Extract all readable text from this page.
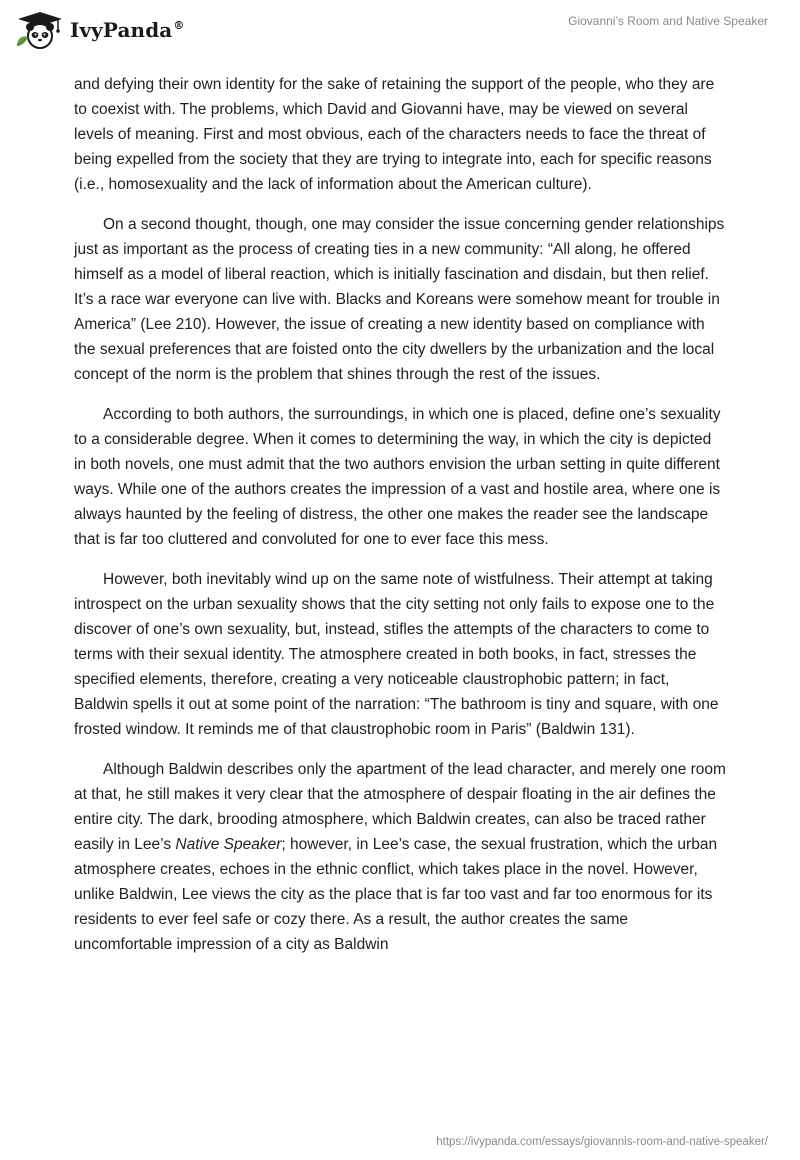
IvyPanda®	Giovanni’s Room and Native Speaker

and defying their own identity for the sake of retaining the support of the people, who they are to coexist with. The problems, which David and Giovanni have, may be viewed on several levels of meaning. First and most obvious, each of the characters needs to face the threat of being expelled from the society that they are trying to integrate into, each for specific reasons (i.e., homosexuality and the lack of information about the American culture).

On a second thought, though, one may consider the issue concerning gender relationships just as important as the process of creating ties in a new community: “All along, he offered himself as a model of liberal reaction, which is initially fascination and disdain, but then relief. It’s a race war everyone can live with. Blacks and Koreans were somehow meant for trouble in America” (Lee 210). However, the issue of creating a new identity based on compliance with the sexual preferences that are foisted onto the city dwellers by the urbanization and the local concept of the norm is the problem that shines through the rest of the issues.

According to both authors, the surroundings, in which one is placed, define one’s sexuality to a considerable degree. When it comes to determining the way, in which the city is depicted in both novels, one must admit that the two authors envision the urban setting in quite different ways. While one of the authors creates the impression of a vast and hostile area, where one is always haunted by the feeling of distress, the other one makes the reader see the landscape that is far too cluttered and convoluted for one to ever face this mess.

However, both inevitably wind up on the same note of wistfulness. Their attempt at taking introspect on the urban sexuality shows that the city setting not only fails to expose one to the discover of one’s own sexuality, but, instead, stifles the attempts of the characters to come to terms with their sexual identity. The atmosphere created in both books, in fact, stresses the specified elements, therefore, creating a very noticeable claustrophobic pattern; in fact, Baldwin spells it out at some point of the narration: “The bathroom is tiny and square, with one frosted window. It reminds me of that claustrophobic room in Paris” (Baldwin 131).

Although Baldwin describes only the apartment of the lead character, and merely one room at that, he still makes it very clear that the atmosphere of despair floating in the air defines the entire city. The dark, brooding atmosphere, which Baldwin creates, can also be traced rather easily in Lee’s Native Speaker; however, in Lee’s case, the sexual frustration, which the urban atmosphere creates, echoes in the ethnic conflict, which takes place in the novel. However, unlike Baldwin, Lee views the city as the place that is far too vast and far too enormous for its residents to ever feel safe or cozy there. As a result, the author creates the same uncomfortable impression of a city as Baldwin

https://ivypanda.com/essays/giovannis-room-and-native-speaker/
